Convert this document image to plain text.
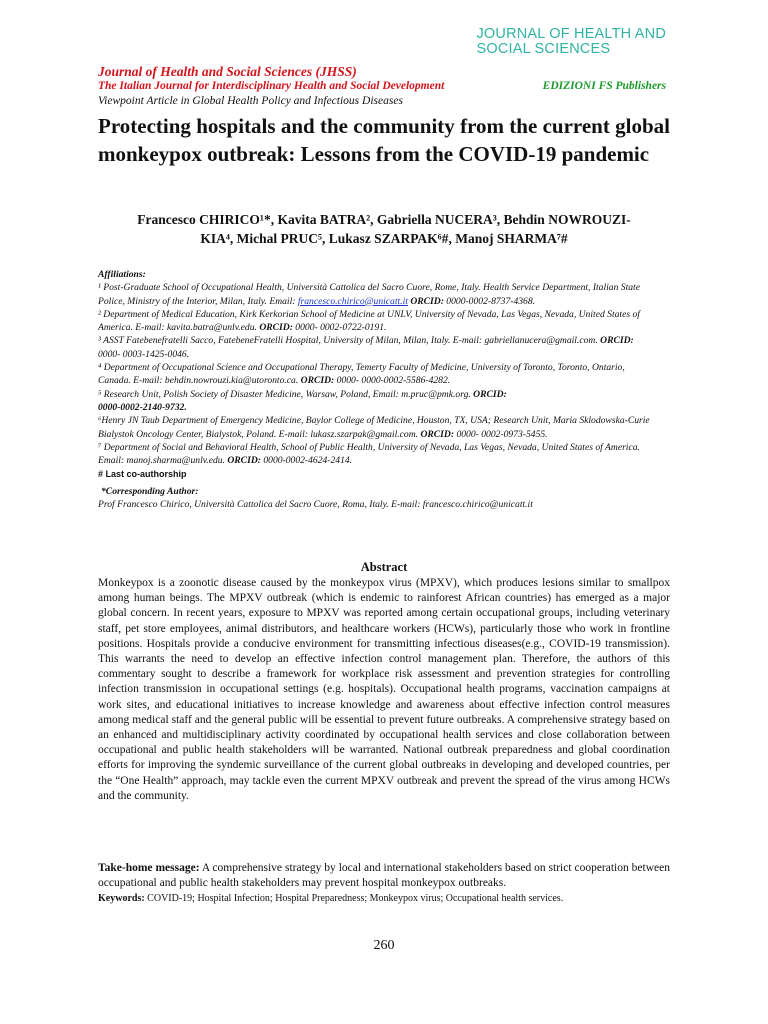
JOURNAL OF HEALTH AND
SOCIAL SCIENCES
Journal of Health and Social Sciences (JHSS)
The Italian Journal for Interdisciplinary Health and Social Development	EDIZIONI FS Publishers
Viewpoint Article in Global Health Policy and Infectious Diseases
Protecting hospitals and the community from the current global monkeypox outbreak: Lessons from the COVID-19 pandemic
Francesco CHIRICO¹*, Kavita BATRA², Gabriella NUCERA³, Behdin NOWROUZI-
KIA⁴, Michal PRUC⁵, Lukasz SZARPAK⁶#, Manoj SHARMA⁷#

Affiliations:

¹ Post-Graduate School of Occupational Health, Università Cattolica del Sacro Cuore, Rome, Italy. Health Service Department, Italian State Police, Ministry of the Interior, Milan, Italy. Email: francesco.chirico@unicatt.it ORCID: 0000-0002-8737-4368.

² Department of Medical Education, Kirk Kerkorian School of Medicine at UNLV, University of Nevada, Las Vegas, Nevada, United States of America. E-mail: kavita.batra@unlv.edu. ORCID: 0000- 0002-0722-0191.

³ ASST Fatebenefratelli Sacco, FatebeneFratelli Hospital, University of Milan, Milan, Italy. E-mail: gabriellanucera@gmail.com. ORCID: 0000- 0003-1425-0046.

⁴ Department of Occupational Science and Occupational Therapy, Temerty Faculty of Medicine, University of Toronto, Toronto, Ontario, Canada. E-mail: behdin.nowrouzi.kia@utoronto.ca. ORCID: 0000- 0000-0002-5586-4282.

⁵ Research Unit, Polish Society of Disaster Medicine, Warsaw, Poland, Email: m.pruc@pmk.org. ORCID:
0000-0002-2140-9732.

⁶Henry JN Taub Department of Emergency Medicine, Baylor College of Medicine, Houston, TX, USA; Research Unit, Maria Sklodowska-Curie Bialystok Oncology Center, Bialystok, Poland. E-mail: lukasz.szarpak@gmail.com. ORCID: 0000- 0002-0973-5455.

⁷ Department of Social and Behavioral Health, School of Public Health, University of Nevada, Las Vegas, Nevada, United States of America. Email: manoj.sharma@unlv.edu. ORCID: 0000-0002-4624-2414.

# Last co-authorship

*Corresponding Author:

Prof Francesco Chirico, Università Cattolica del Sacro Cuore, Roma, Italy. E-mail: francesco.chirico@unicatt.it

Abstract

Monkeypox is a zoonotic disease caused by the monkeypox virus (MPXV), which produces lesions similar to smallpox among human beings. The MPXV outbreak (which is endemic to rainforest African countries) has emerged as a major global concern. In recent years, exposure to MPXV was reported among certain occupational groups, including veterinary staff, pet store employees, animal distributors, and healthcare workers (HCWs), particularly those who work in frontline positions. Hospitals provide a conducive environment for transmitting infectious diseases(e.g., COVID-19 transmission). This warrants the need to develop an effective infection control management plan. Therefore, the authors of this commentary sought to describe a framework for workplace risk assessment and prevention strategies for controlling infection transmission in occupational settings (e.g. hospitals). Occupational health programs, vaccination campaigns at work sites, and educational initiatives to increase knowledge and awareness about effective infection control measures among medical staff and the general public will be essential to prevent future outbreaks. A comprehensive strategy based on an enhanced and multidisciplinary activity coordinated by occupational health services and close collaboration between occupational and public health stakeholders will be warranted. National outbreak preparedness and global coordination efforts for improving the syndemic surveillance of the current global outbreaks in developing and developed countries, per the “One Health” approach, may tackle even the current MPXV outbreak and prevent the spread of the virus among HCWs and the community.

Take-home message: A comprehensive strategy by local and international stakeholders based on strict cooperation between occupational and public health stakeholders may prevent hospital monkeypox outbreaks.

Keywords: COVID-19; Hospital Infection; Hospital Preparedness; Monkeypox virus; Occupational health services.
260
